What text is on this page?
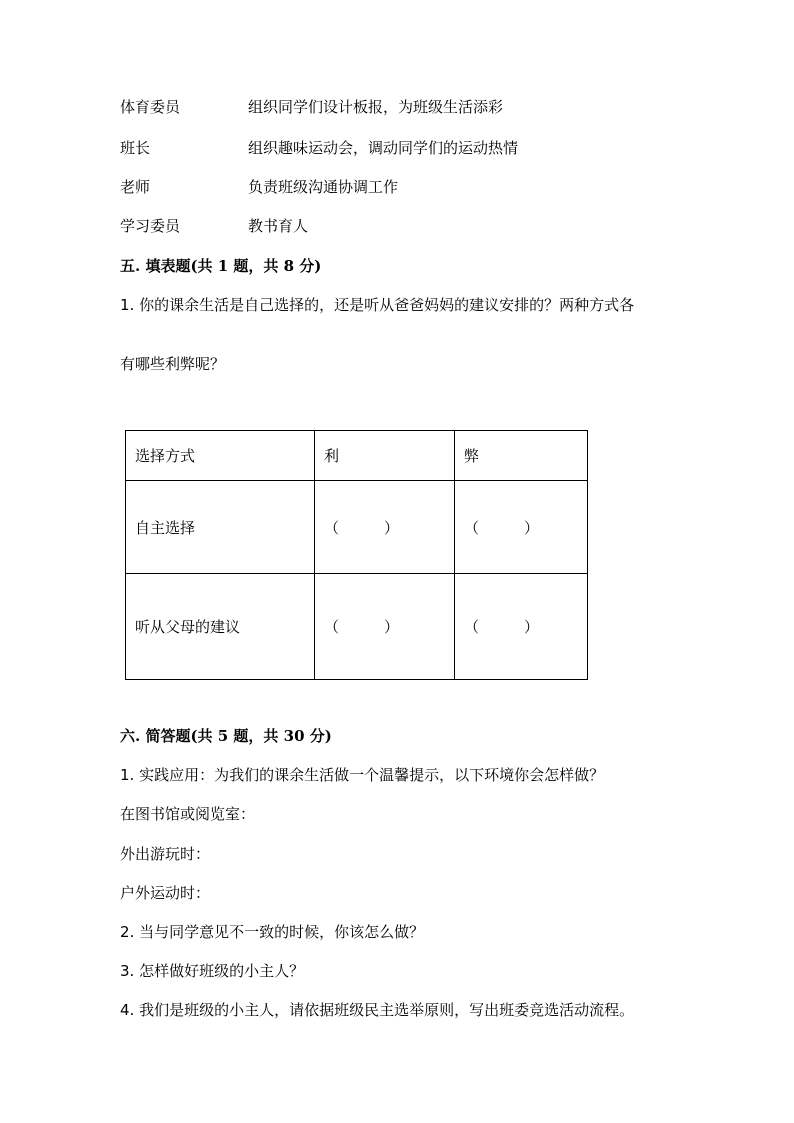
体育委员	组织同学们设计板报，为班级生活添彩
班长	组织趣味运动会，调动同学们的运动热情
老师	负责班级沟通协调工作
学习委员	教书育人
五. 填表题(共 1 题，共 8 分)
1. 你的课余生活是自己选择的，还是听从爸爸妈妈的建议安排的？两种方式各
有哪些利弊呢？
选择方式	利	弊
自主选择	（　　　）	（　　　）
听从父母的建议	（　　　）	（　　　）
六. 简答题(共 5 题，共 30 分)
1. 实践应用：为我们的课余生活做一个温馨提示，以下环境你会怎样做？
在图书馆或阅览室：
外出游玩时：
户外运动时：
2. 当与同学意见不一致的时候，你该怎么做？
3. 怎样做好班级的小主人？
4. 我们是班级的小主人，请依据班级民主选举原则，写出班委竞选活动流程。
